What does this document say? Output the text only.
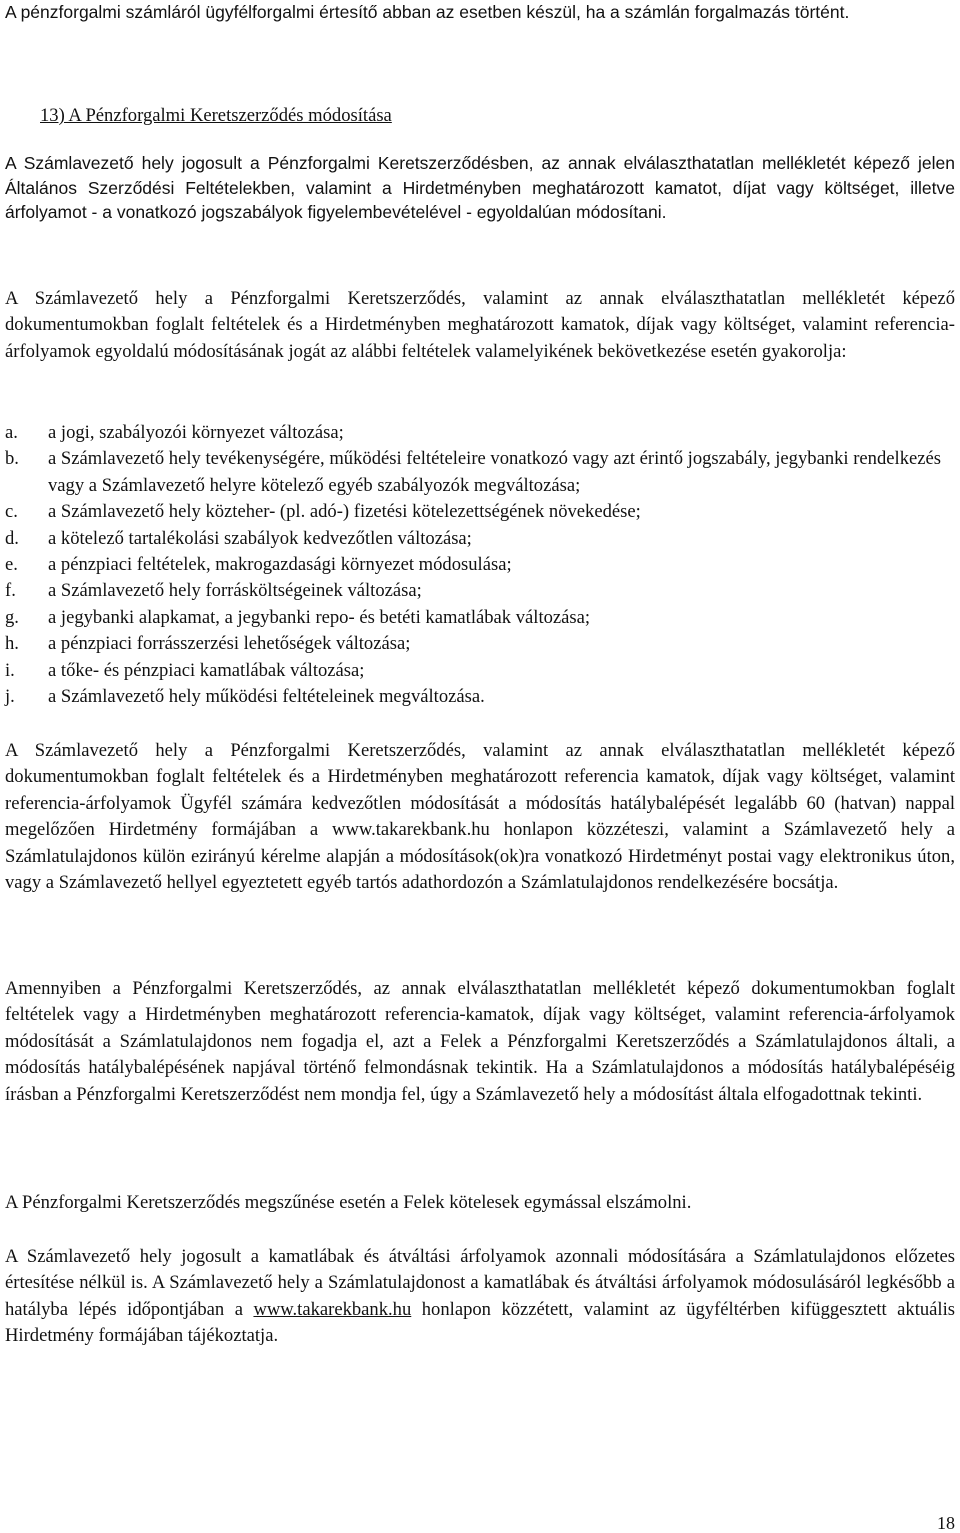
A pénzforgalmi számláról ügyfélforgalmi értesítő abban az esetben készül, ha a számlán forgalmazás történt.

13) A Pénzforgalmi Keretszerződés módosítása

A Számlavezető hely jogosult a Pénzforgalmi Keretszerződésben, az annak elválaszthatatlan mellékletét képező jelen Általános Szerződési Feltételekben, valamint a Hirdetményben meghatározott kamatot, díjat vagy költséget, illetve árfolyamot - a vonatkozó jogszabályok figyelembevételével - egyoldalúan módosítani.

A Számlavezető hely a Pénzforgalmi Keretszerződés, valamint az annak elválaszthatatlan mellékletét képező dokumentumokban foglalt feltételek és a Hirdetményben meghatározott kamatok, díjak vagy költséget, valamint referencia-árfolyamok egyoldalú módosításának jogát az alábbi feltételek valamelyikének bekövetkezése esetén gyakorolja:

a.	a jogi, szabályozói környezet változása;
b.	a Számlavezető hely tevékenységére, működési feltételeire vonatkozó vagy azt érintő jogszabály, jegybanki rendelkezés vagy a Számlavezető helyre kötelező egyéb szabályozók megváltozása;
c.	a Számlavezető hely közteher- (pl. adó-) fizetési kötelezettségének növekedése;
d.	a kötelező tartalékolási szabályok kedvezőtlen változása;
e.	a pénzpiaci feltételek, makrogazdasági környezet módosulása;
f.	a Számlavezető hely forrásköltségeinek változása;
g.	a jegybanki alapkamat, a jegybanki repo- és betéti kamatlábak változása;
h.	a pénzpiaci forrásszerzési lehetőségek változása;
i.	a tőke- és pénzpiaci kamatlábak változása;
j.	a Számlavezető hely működési feltételeinek megváltozása.

A Számlavezető hely a Pénzforgalmi Keretszerződés, valamint az annak elválaszthatatlan mellékletét képező dokumentumokban foglalt feltételek és a Hirdetményben meghatározott referencia kamatok, díjak vagy költséget, valamint referencia-árfolyamok Ügyfél számára kedvezőtlen módosítását a módosítás hatálybalépését legalább 60 (hatvan) nappal megelőzően Hirdetmény formájában a www.takarekbank.hu honlapon közzéteszi, valamint a Számlavezető hely a Számlatulajdonos külön ezirányú kérelme alapján a módosítások(ok)ra vonatkozó Hirdetményt postai vagy elektronikus úton, vagy a Számlavezető hellyel egyeztetett egyéb tartós adathordozón a Számlatulajdonos rendelkezésére bocsátja.

Amennyiben a Pénzforgalmi Keretszerződés, az annak elválaszthatatlan mellékletét képező dokumentumokban foglalt feltételek vagy a Hirdetményben meghatározott referencia-kamatok, díjak vagy költséget, valamint referencia-árfolyamok módosítását a Számlatulajdonos nem fogadja el, azt a Felek a Pénzforgalmi Keretszerződés a Számlatulajdonos általi, a módosítás hatálybalépésének napjával történő felmondásnak tekintik. Ha a Számlatulajdonos a módosítás hatálybalépéséig írásban a Pénzforgalmi Keretszerződést nem mondja fel, úgy a Számlavezető hely a módosítást általa elfogadottnak tekinti.

A Pénzforgalmi Keretszerződés megszűnése esetén a Felek kötelesek egymással elszámolni.

A Számlavezető hely jogosult a kamatlábak és átváltási árfolyamok azonnali módosítására a Számlatulajdonos előzetes értesítése nélkül is. A Számlavezető hely a Számlatulajdonost a kamatlábak és átváltási árfolyamok módosulásáról legkésőbb a hatályba lépés időpontjában a www.takarekbank.hu honlapon közzétett, valamint az ügyféltérben kifüggesztett aktuális Hirdetmény formájában tájékoztatja.

18
